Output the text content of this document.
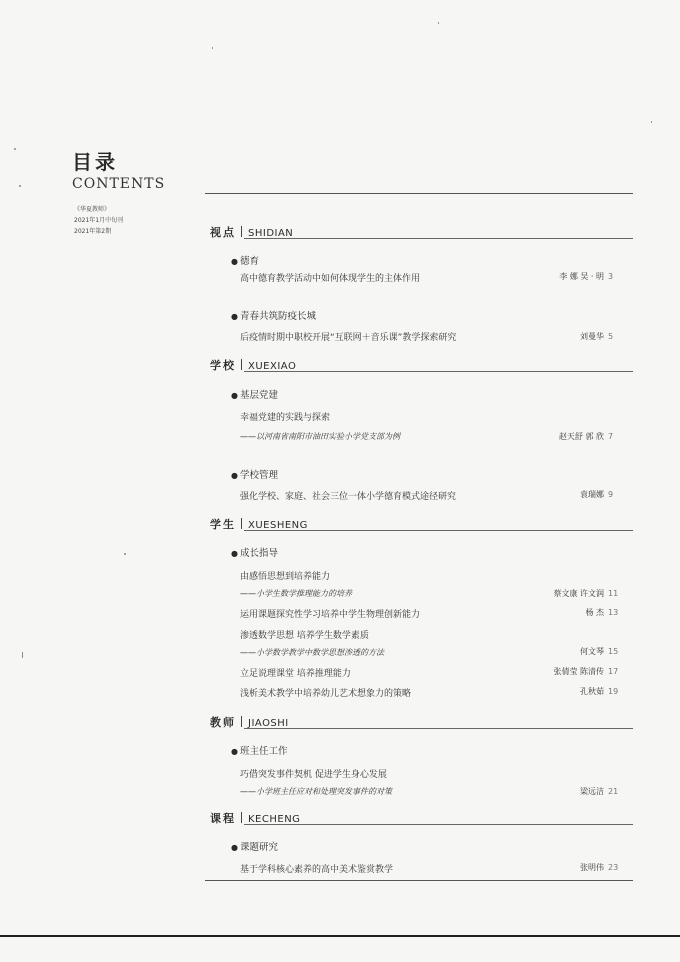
目录
CONTENTS
《华夏教师》
2021年1月中旬刊
2021年第2期	视点 SHIDIAN
● 德育
高中德育教学活动中如何体现学生的主体作用	李 娜 吴 · 明 3
● 青春共筑防疫长城
后疫情时期中职校开展“互联网＋音乐课”教学探索研究	刘曼华 5
学校 XUEXIAO
● 基层党建
幸福党建的实践与探索
——以河南省南阳市油田实验小学党支部为例	赵天舒 郭 欣 7
● 学校管理
强化学校、家庭、社会三位一体小学德育模式途径研究	袁瑞娜 9
学生 XUESHENG
● 成长指导
由感悟思想到培养能力
——小学生数学推理能力的培养	蔡文康 许文润 11
运用课题探究性学习培养中学生物理创新能力	杨 杰 13
渗透数学思想 培养学生数学素质
——小学数学教学中数学思想渗透的方法	何文琴 15
立足说理课堂 培养推理能力	张倩莹 陈清传 17
浅析美术教学中培养幼儿艺术想象力的策略	孔秋茹 19
教师 JIAOSHI
● 班主任工作
巧借突发事件契机 促进学生身心发展
——小学班主任应对和处理突发事件的对策	梁远洁 21
课程 KECHENG
● 课题研究
基于学科核心素养的高中美术鉴赏教学	张明伟 23
